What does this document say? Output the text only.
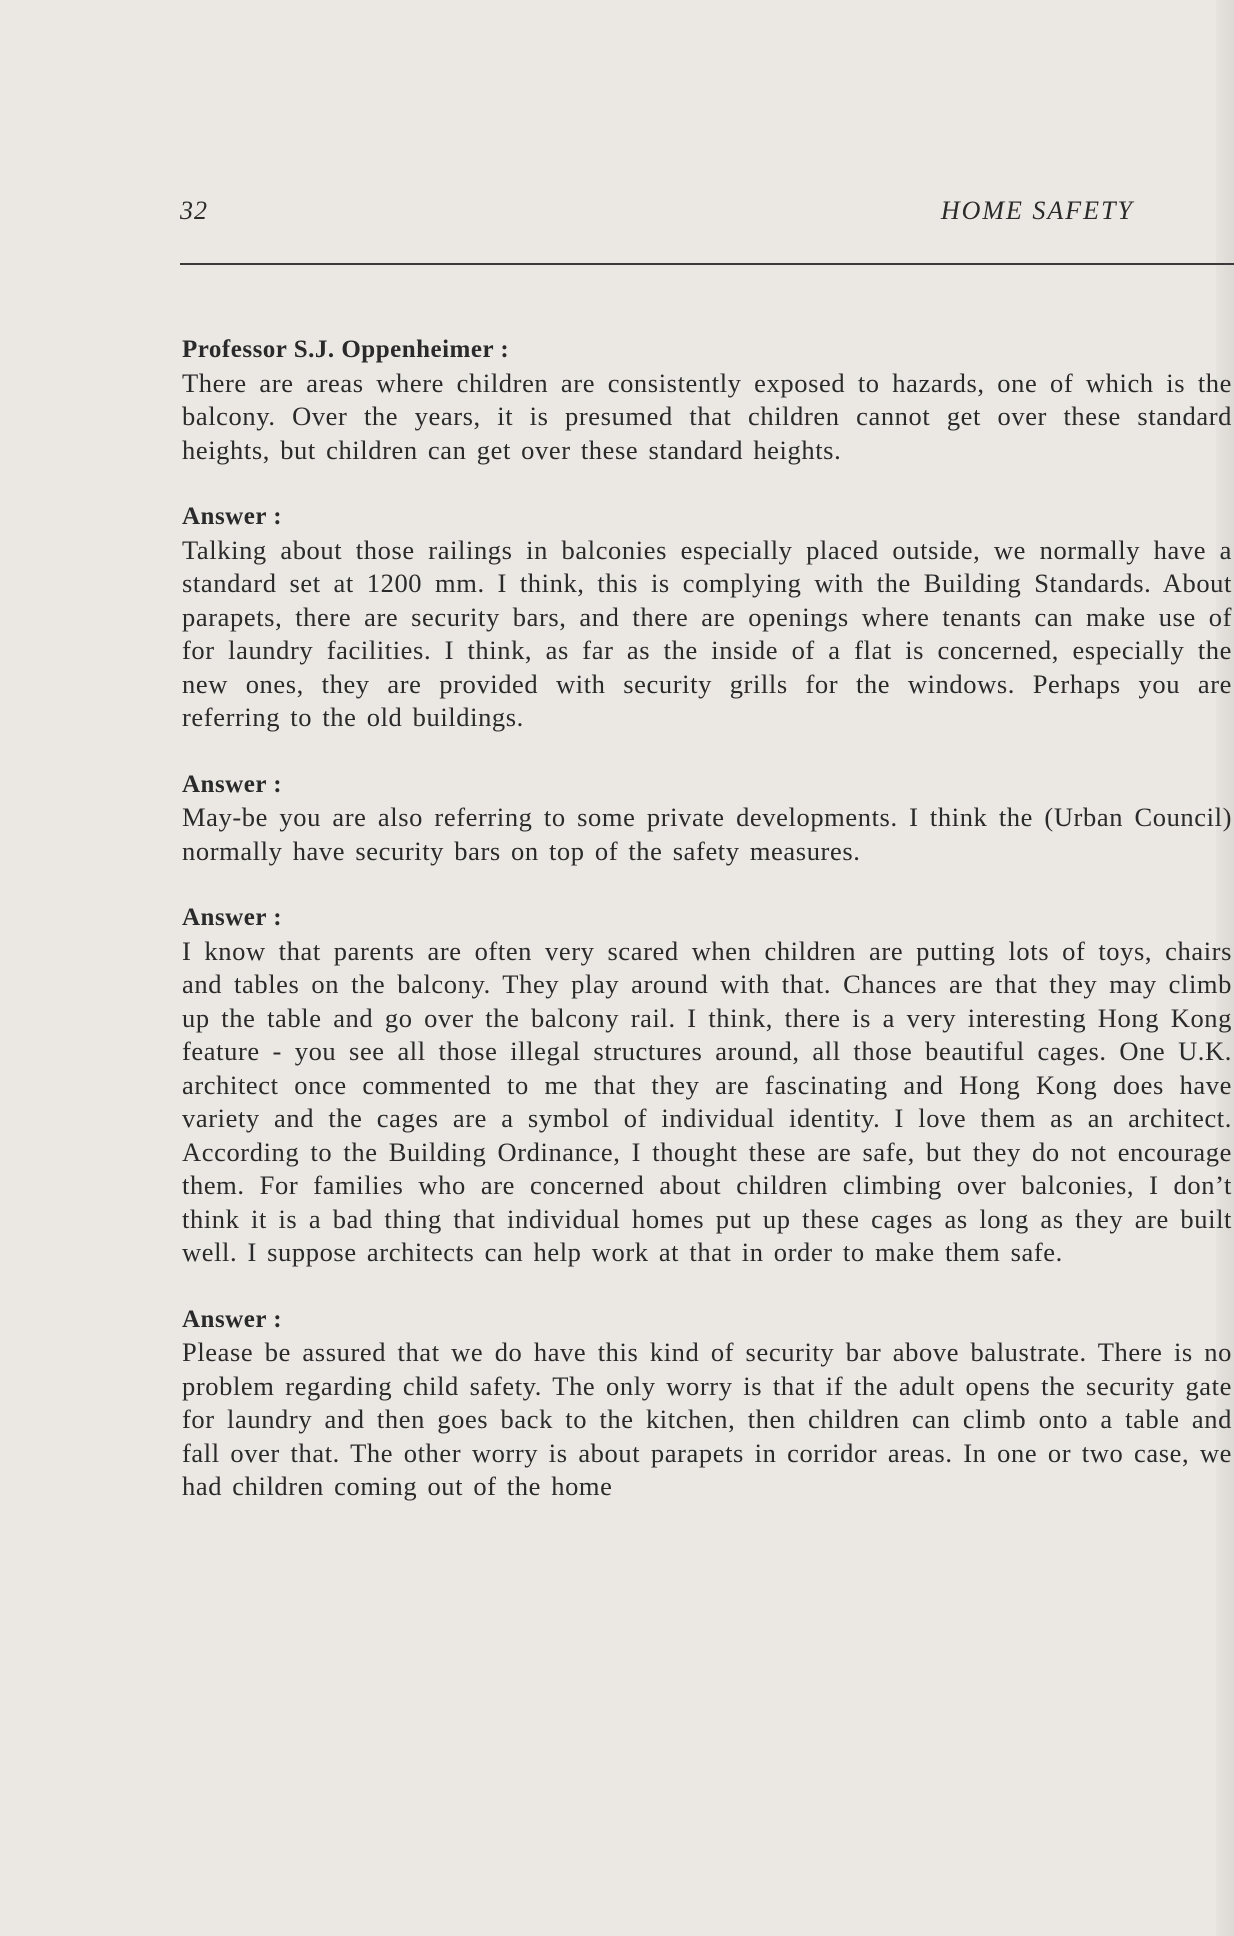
32	HOME SAFETY
Professor S.J. Oppenheimer :

There are areas where children are consistently exposed to hazards, one of which is the balcony. Over the years, it is presumed that children cannot get over these standard heights, but children can get over these standard heights.

Answer :

Talking about those railings in balconies especially placed outside, we normally have a standard set at 1200 mm. I think, this is complying with the Building Standards. About parapets, there are security bars, and there are openings where tenants can make use of for laundry facilities. I think, as far as the inside of a flat is concerned, especially the new ones, they are provided with security grills for the windows. Perhaps you are referring to the old buildings.

Answer :

May-be you are also referring to some private developments. I think the (Urban Council) normally have security bars on top of the safety measures.

Answer :

I know that parents are often very scared when children are putting lots of toys, chairs and tables on the balcony. They play around with that. Chances are that they may climb up the table and go over the balcony rail. I think, there is a very interesting Hong Kong feature - you see all those illegal structures around, all those beautiful cages. One U.K. architect once commented to me that they are fascinating and Hong Kong does have variety and the cages are a symbol of individual identity. I love them as an architect. According to the Building Ordinance, I thought these are safe, but they do not encourage them. For families who are concerned about children climbing over balconies, I don’t think it is a bad thing that individual homes put up these cages as long as they are built well. I suppose architects can help work at that in order to make them safe.

Answer :

Please be assured that we do have this kind of security bar above balustrate. There is no problem regarding child safety. The only worry is that if the adult opens the security gate for laundry and then goes back to the kitchen, then children can climb onto a table and fall over that. The other worry is about parapets in corridor areas. In one or two case, we had children coming out of the home
